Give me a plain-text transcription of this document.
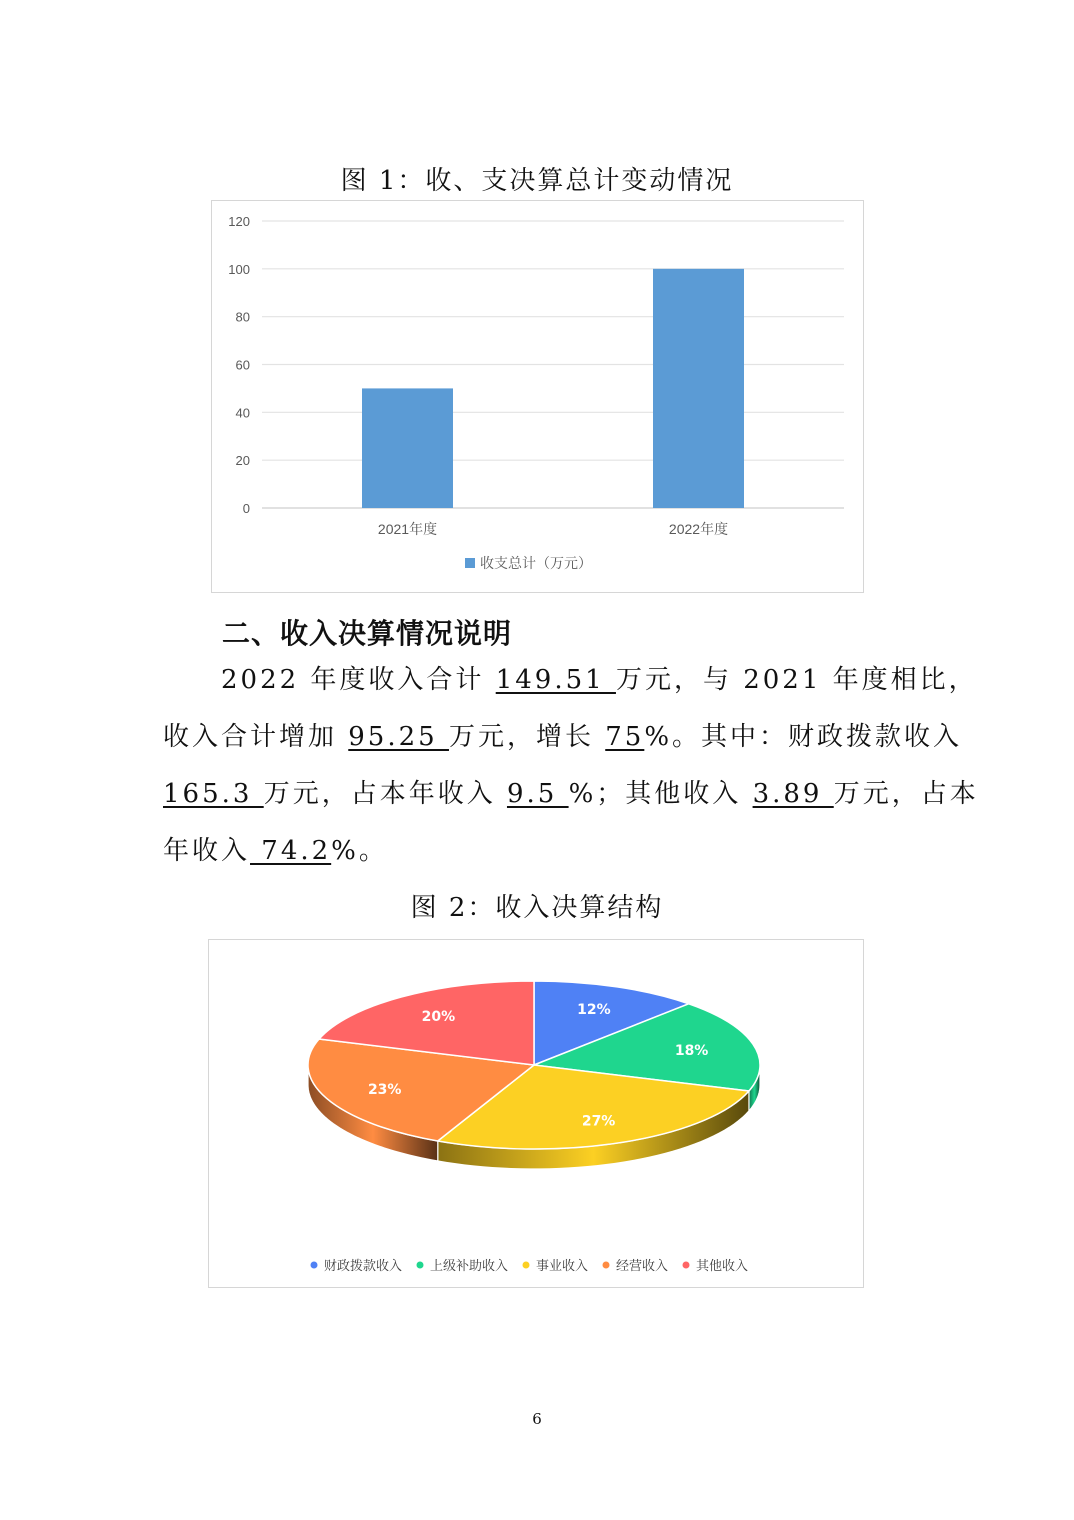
图 1：收、支决算总计变动情况
0
20
40
60
80
100
120
2021年度	2022年度
收支总计（万元）
二、收入决算情况说明
2022 年度收入合计 149.51 万元，与 2021 年度相比，
收入合计增加 95.25 万元，增长 75%。其中：财政拨款收入
165.3 万元，占本年收入 9.5 %；其他收入 3.89 万元，占本
年收入 74.2%。
图 2：收入决算结构
12%
18%
27%
23%
20%
财政拨款收入 上级补助收入 事业收入 经营收入 其他收入
6
